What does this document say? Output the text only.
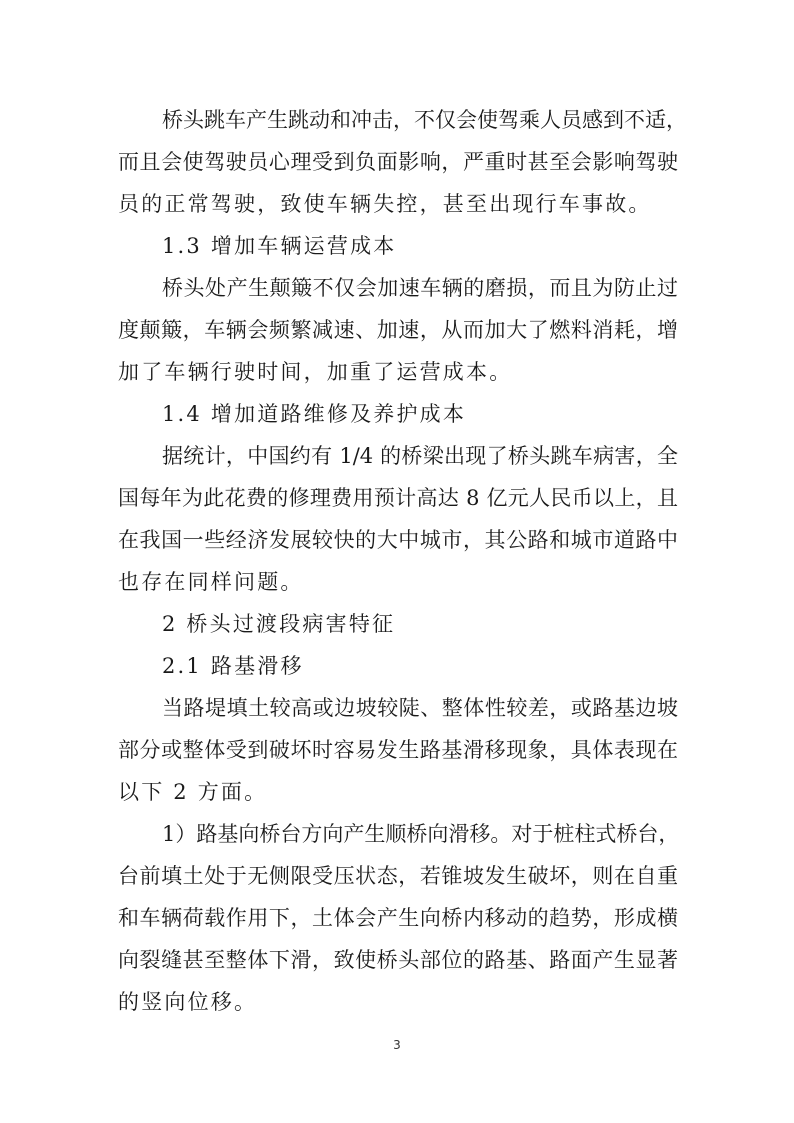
桥头跳车产生跳动和冲击，不仅会使驾乘人员感到不适，
而且会使驾驶员心理受到负面影响，严重时甚至会影响驾驶
员的正常驾驶，致使车辆失控，甚至出现行车事故。
1.3 增加车辆运营成本
桥头处产生颠簸不仅会加速车辆的磨损，而且为防止过
度颠簸，车辆会频繁减速、加速，从而加大了燃料消耗，增
加了车辆行驶时间，加重了运营成本。
1.4 增加道路维修及养护成本
据统计，中国约有 1/4 的桥梁出现了桥头跳车病害，全
国每年为此花费的修理费用预计高达 8 亿元人民币以上，且
在我国一些经济发展较快的大中城市，其公路和城市道路中
也存在同样问题。
2 桥头过渡段病害特征
2.1 路基滑移
当路堤填土较高或边坡较陡、整体性较差，或路基边坡
部分或整体受到破坏时容易发生路基滑移现象，具体表现在
以下 2 方面。
1）路基向桥台方向产生顺桥向滑移。对于桩柱式桥台，
台前填土处于无侧限受压状态，若锥坡发生破坏，则在自重
和车辆荷载作用下，土体会产生向桥内移动的趋势，形成横
向裂缝甚至整体下滑，致使桥头部位的路基、路面产生显著
的竖向位移。
3
